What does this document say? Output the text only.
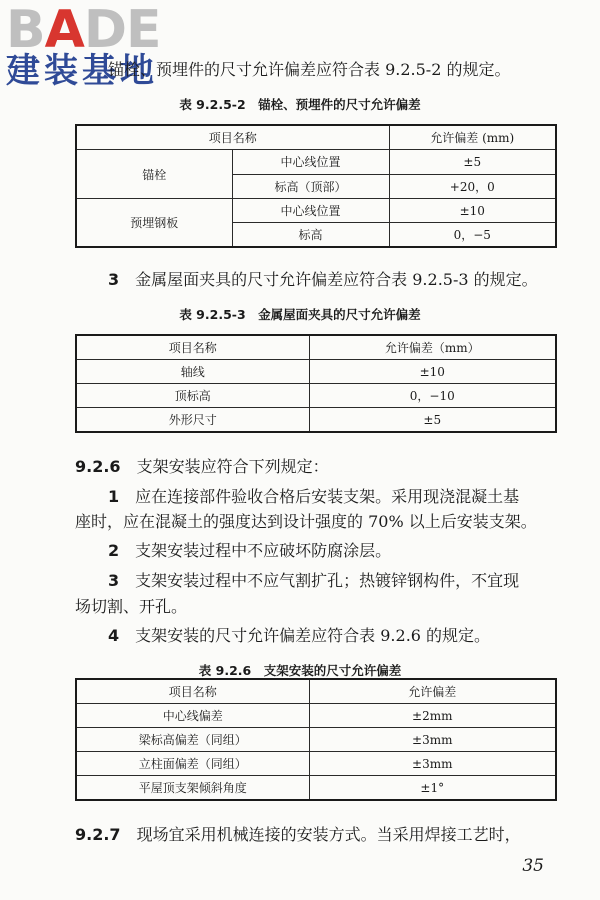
BADE
建装基地
锚栓、预埋件的尺寸允许偏差应符合表 9.2.5-2 的规定。
表 9.2.5-2　锚栓、预埋件的尺寸允许偏差
项目名称		允许偏差 (mm)
锚栓	中心线位置	±5
	标高（顶部）	+20，0
预埋钢板	中心线位置	±10
	标高	0，−5
3　 金属屋面夹具的尺寸允许偏差应符合表 9.2.5-3 的规定。
表 9.2.5-3　金属屋面夹具的尺寸允许偏差
项目名称	允许偏差（mm）
轴线	±10
顶标高	0，−10
外形尺寸	±5
9.2.6　 支架安装应符合下列规定：
1　 应在连接部件验收合格后安装支架。采用现浇混凝土基
座时，应在混凝土的强度达到设计强度的 70% 以上后安装支架。
2　 支架安装过程中不应破坏防腐涂层。
3　 支架安装过程中不应气割扩孔；热镀锌钢构件，不宜现
场切割、开孔。
4　 支架安装的尺寸允许偏差应符合表 9.2.6 的规定。
表 9.2.6　支架安装的尺寸允许偏差
项目名称	允许偏差
中心线偏差	±2mm
梁标高偏差（同组）	±3mm
立柱面偏差（同组）	±3mm
平屋顶支架倾斜角度	±1°
9.2.7　 现场宜采用机械连接的安装方式。当采用焊接工艺时，
35
